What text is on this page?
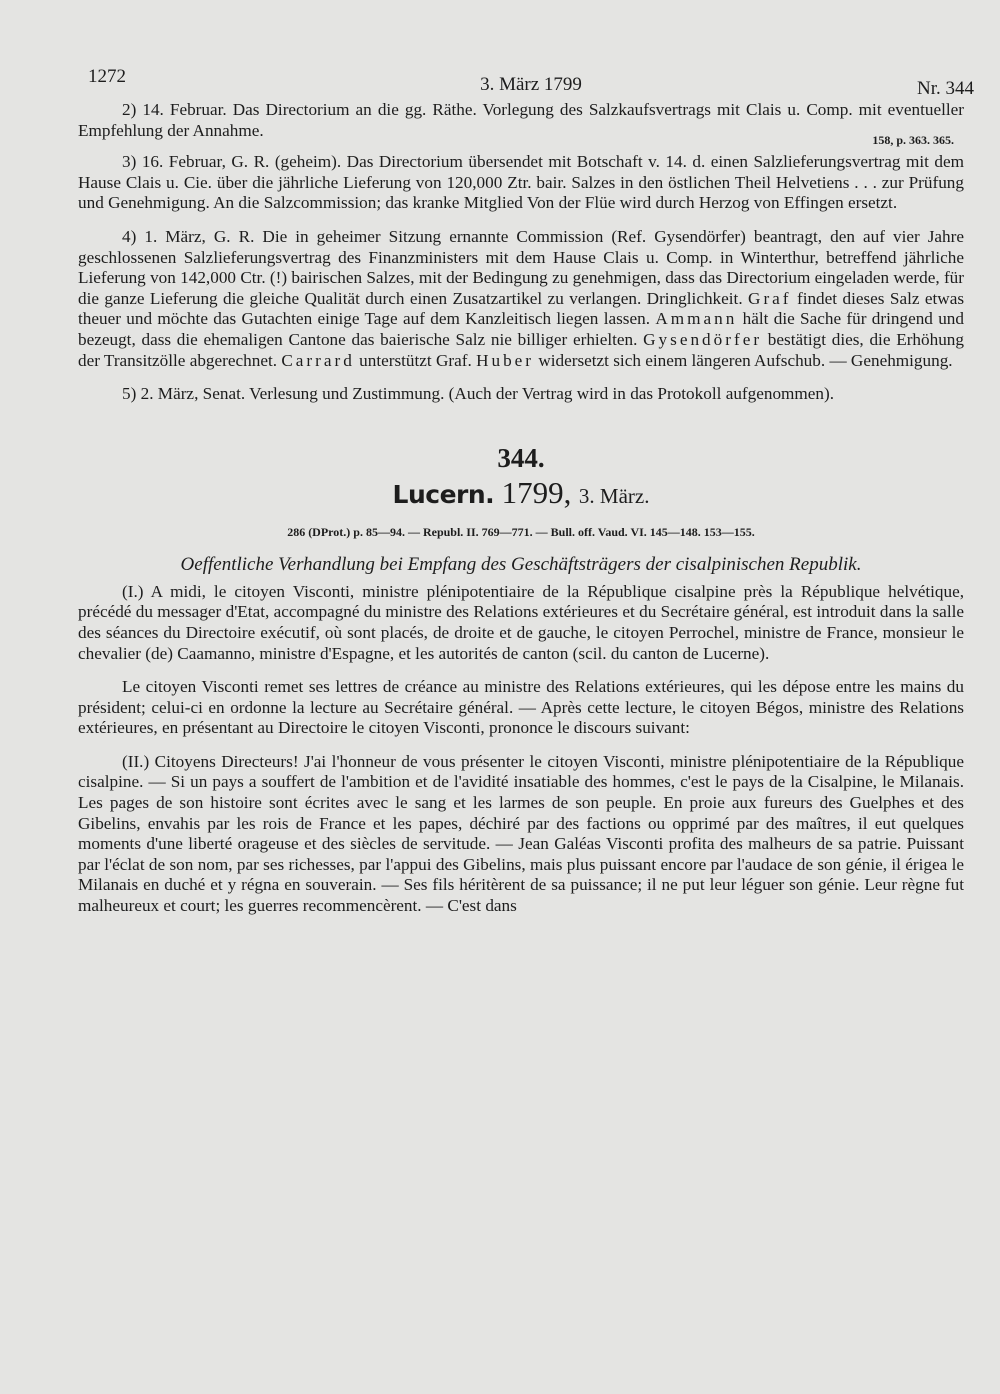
1272	3. März 1799	Nr. 344

2) 14. Februar. Das Directorium an die gg. Räthe. Vorlegung des Salzkaufsvertrags mit Clais u. Comp. mit eventueller Empfehlung der Annahme.

158, p. 363. 365.

3) 16. Februar, G. R. (geheim). Das Directorium übersendet mit Botschaft v. 14. d. einen Salzlieferungsvertrag mit dem Hause Clais u. Cie. über die jährliche Lieferung von 120,000 Ztr. bair. Salzes in den östlichen Theil Helvetiens . . . zur Prüfung und Genehmigung. An die Salzcommission; das kranke Mitglied Von der Flüe wird durch Herzog von Effingen ersetzt.

4) 1. März, G. R. Die in geheimer Sitzung ernannte Commission (Ref. Gysendörfer) beantragt, den auf vier Jahre geschlossenen Salzlieferungsvertrag des Finanzministers mit dem Hause Clais u. Comp. in Winterthur, betreffend jährliche Lieferung von 142,000 Ctr. (!) bairischen Salzes, mit der Bedingung zu genehmigen, dass das Directorium eingeladen werde, für die ganze Lieferung die gleiche Qualität durch einen Zusatzartikel zu verlangen. Dringlichkeit. Graf findet dieses Salz etwas theuer und möchte das Gutachten einige Tage auf dem Kanzleitisch liegen lassen. Ammann hält die Sache für dringend und bezeugt, dass die ehemaligen Cantone das baierische Salz nie billiger erhielten. Gysendörfer bestätigt dies, die Erhöhung der Transitzölle abgerechnet. Carrard unterstützt Graf. Huber widersetzt sich einem längeren Aufschub. — Genehmigung.

5) 2. März, Senat. Verlesung und Zustimmung. (Auch der Vertrag wird in das Protokoll aufgenommen).

344.
Lucern. 1799, 3. März.
286 (DProt.) p. 85—94. — Republ. II. 769—771. — Bull. off. Vaud. VI. 145—148. 153—155.
Oeffentliche Verhandlung bei Empfang des Geschäftsträgers der cisalpinischen Republik.

(I.) A midi, le citoyen Visconti, ministre plénipotentiaire de la République cisalpine près la République helvétique, précédé du messager d'Etat, accompagné du ministre des Relations extérieures et du Secrétaire général, est introduit dans la salle des séances du Directoire exécutif, où sont placés, de droite et de gauche, le citoyen Perrochel, ministre de France, monsieur le chevalier (de) Caamanno, ministre d'Espagne, et les autorités de canton (scil. du canton de Lucerne).

Le citoyen Visconti remet ses lettres de créance au ministre des Relations extérieures, qui les dépose entre les mains du président; celui-ci en ordonne la lecture au Secrétaire général. — Après cette lecture, le citoyen Bégos, ministre des Relations extérieures, en présentant au Directoire le citoyen Visconti, prononce le discours suivant:

(II.) Citoyens Directeurs! J'ai l'honneur de vous présenter le citoyen Visconti, ministre plénipotentiaire de la République cisalpine. — Si un pays a souffert de l'ambition et de l'avidité insatiable des hommes, c'est le pays de la Cisalpine, le Milanais. Les pages de son histoire sont écrites avec le sang et les larmes de son peuple. En proie aux fureurs des Guelphes et des Gibelins, envahis par les rois de France et les papes, déchiré par des factions ou opprimé par des maîtres, il eut quelques moments d'une liberté orageuse et des siècles de servitude. — Jean Galéas Visconti profita des malheurs de sa patrie. Puissant par l'éclat de son nom, par ses richesses, par l'appui des Gibelins, mais plus puissant encore par l'audace de son génie, il érigea le Milanais en duché et y régna en souverain. — Ses fils héritèrent de sa puissance; il ne put leur léguer son génie. Leur règne fut malheureux et court; les guerres recommencèrent. — C'est dans
